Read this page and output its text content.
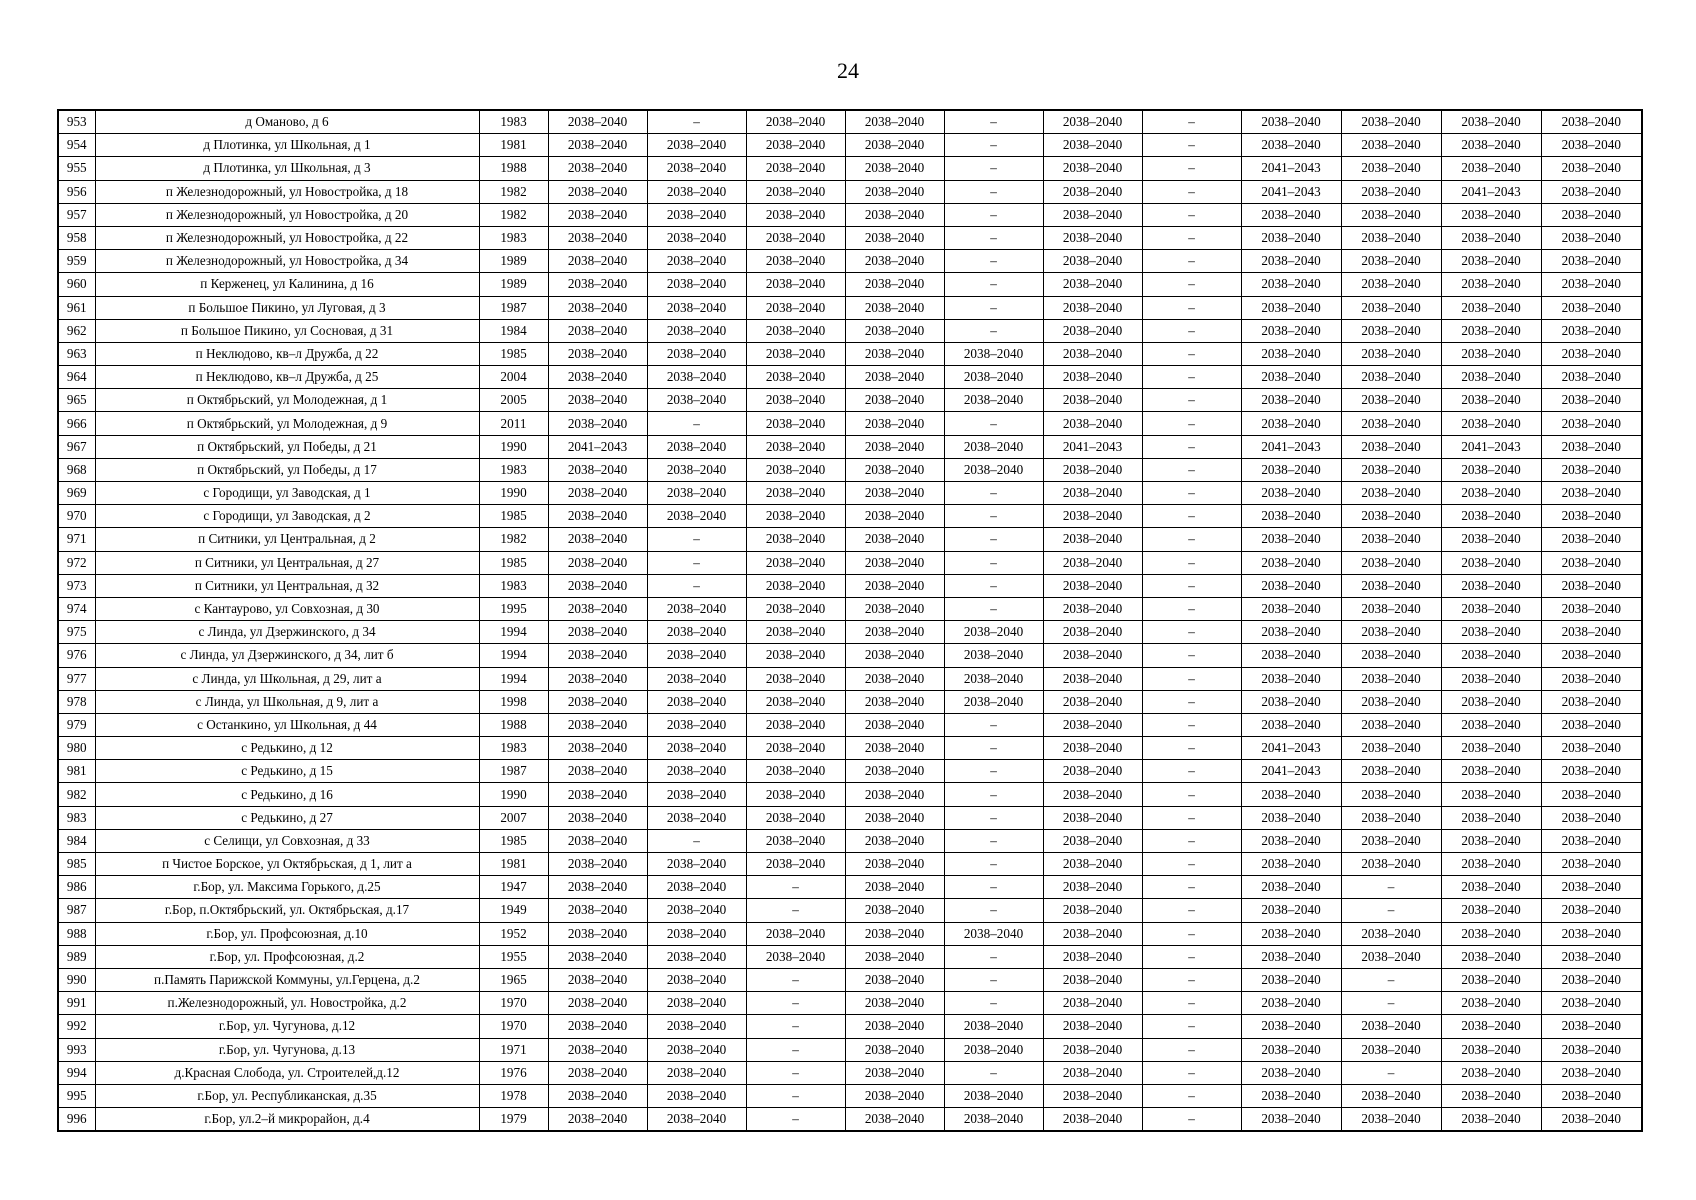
24
953	д Оманово, д 6	1983	2038–2040	–	2038–2040	2038–2040	–	2038–2040	–	2038–2040	2038–2040	2038–2040	2038–2040
954	д Плотинка, ул Школьная, д 1	1981	2038–2040	2038–2040	2038–2040	2038–2040	–	2038–2040	–	2038–2040	2038–2040	2038–2040	2038–2040
955	д Плотинка, ул Школьная, д 3	1988	2038–2040	2038–2040	2038–2040	2038–2040	–	2038–2040	–	2041–2043	2038–2040	2038–2040	2038–2040
956	п Железнодорожный, ул Новостройка, д 18	1982	2038–2040	2038–2040	2038–2040	2038–2040	–	2038–2040	–	2041–2043	2038–2040	2041–2043	2038–2040
957	п Железнодорожный, ул Новостройка, д 20	1982	2038–2040	2038–2040	2038–2040	2038–2040	–	2038–2040	–	2038–2040	2038–2040	2038–2040	2038–2040
958	п Железнодорожный, ул Новостройка, д 22	1983	2038–2040	2038–2040	2038–2040	2038–2040	–	2038–2040	–	2038–2040	2038–2040	2038–2040	2038–2040
959	п Железнодорожный, ул Новостройка, д 34	1989	2038–2040	2038–2040	2038–2040	2038–2040	–	2038–2040	–	2038–2040	2038–2040	2038–2040	2038–2040
960	п Керженец, ул Калинина, д 16	1989	2038–2040	2038–2040	2038–2040	2038–2040	–	2038–2040	–	2038–2040	2038–2040	2038–2040	2038–2040
961	п Большое Пикино, ул Луговая, д 3	1987	2038–2040	2038–2040	2038–2040	2038–2040	–	2038–2040	–	2038–2040	2038–2040	2038–2040	2038–2040
962	п Большое Пикино, ул Сосновая, д 31	1984	2038–2040	2038–2040	2038–2040	2038–2040	–	2038–2040	–	2038–2040	2038–2040	2038–2040	2038–2040
963	п Неклюдово, кв–л Дружба, д 22	1985	2038–2040	2038–2040	2038–2040	2038–2040	2038–2040	2038–2040	–	2038–2040	2038–2040	2038–2040	2038–2040
964	п Неклюдово, кв–л Дружба, д 25	2004	2038–2040	2038–2040	2038–2040	2038–2040	2038–2040	2038–2040	–	2038–2040	2038–2040	2038–2040	2038–2040
965	п Октябрьский, ул Молодежная, д 1	2005	2038–2040	2038–2040	2038–2040	2038–2040	2038–2040	2038–2040	–	2038–2040	2038–2040	2038–2040	2038–2040
966	п Октябрьский, ул Молодежная, д 9	2011	2038–2040	–	2038–2040	2038–2040	–	2038–2040	–	2038–2040	2038–2040	2038–2040	2038–2040
967	п Октябрьский, ул Победы, д 21	1990	2041–2043	2038–2040	2038–2040	2038–2040	2038–2040	2041–2043	–	2041–2043	2038–2040	2041–2043	2038–2040
968	п Октябрьский, ул Победы, д 17	1983	2038–2040	2038–2040	2038–2040	2038–2040	2038–2040	2038–2040	–	2038–2040	2038–2040	2038–2040	2038–2040
969	с Городищи, ул Заводская, д 1	1990	2038–2040	2038–2040	2038–2040	2038–2040	–	2038–2040	–	2038–2040	2038–2040	2038–2040	2038–2040
970	с Городищи, ул Заводская, д 2	1985	2038–2040	2038–2040	2038–2040	2038–2040	–	2038–2040	–	2038–2040	2038–2040	2038–2040	2038–2040
971	п Ситники, ул Центральная, д 2	1982	2038–2040	–	2038–2040	2038–2040	–	2038–2040	–	2038–2040	2038–2040	2038–2040	2038–2040
972	п Ситники, ул Центральная, д 27	1985	2038–2040	–	2038–2040	2038–2040	–	2038–2040	–	2038–2040	2038–2040	2038–2040	2038–2040
973	п Ситники, ул Центральная, д 32	1983	2038–2040	–	2038–2040	2038–2040	–	2038–2040	–	2038–2040	2038–2040	2038–2040	2038–2040
974	с Кантаурово, ул Совхозная, д 30	1995	2038–2040	2038–2040	2038–2040	2038–2040	–	2038–2040	–	2038–2040	2038–2040	2038–2040	2038–2040
975	с Линда, ул Дзержинского, д 34	1994	2038–2040	2038–2040	2038–2040	2038–2040	2038–2040	2038–2040	–	2038–2040	2038–2040	2038–2040	2038–2040
976	с Линда, ул Дзержинского, д 34, лит б	1994	2038–2040	2038–2040	2038–2040	2038–2040	2038–2040	2038–2040	–	2038–2040	2038–2040	2038–2040	2038–2040
977	с Линда, ул Школьная, д 29, лит а	1994	2038–2040	2038–2040	2038–2040	2038–2040	2038–2040	2038–2040	–	2038–2040	2038–2040	2038–2040	2038–2040
978	с Линда, ул Школьная, д 9, лит а	1998	2038–2040	2038–2040	2038–2040	2038–2040	2038–2040	2038–2040	–	2038–2040	2038–2040	2038–2040	2038–2040
979	с Останкино, ул Школьная, д 44	1988	2038–2040	2038–2040	2038–2040	2038–2040	–	2038–2040	–	2038–2040	2038–2040	2038–2040	2038–2040
980	с Редькино, д 12	1983	2038–2040	2038–2040	2038–2040	2038–2040	–	2038–2040	–	2041–2043	2038–2040	2038–2040	2038–2040
981	с Редькино, д 15	1987	2038–2040	2038–2040	2038–2040	2038–2040	–	2038–2040	–	2041–2043	2038–2040	2038–2040	2038–2040
982	с Редькино, д 16	1990	2038–2040	2038–2040	2038–2040	2038–2040	–	2038–2040	–	2038–2040	2038–2040	2038–2040	2038–2040
983	с Редькино, д 27	2007	2038–2040	2038–2040	2038–2040	2038–2040	–	2038–2040	–	2038–2040	2038–2040	2038–2040	2038–2040
984	с Селищи, ул Совхозная, д 33	1985	2038–2040	–	2038–2040	2038–2040	–	2038–2040	–	2038–2040	2038–2040	2038–2040	2038–2040
985	п Чистое Борское, ул Октябрьская, д 1, лит а	1981	2038–2040	2038–2040	2038–2040	2038–2040	–	2038–2040	–	2038–2040	2038–2040	2038–2040	2038–2040
986	г.Бор, ул. Максима Горького, д.25	1947	2038–2040	2038–2040	–	2038–2040	–	2038–2040	–	2038–2040	–	2038–2040	2038–2040
987	г.Бор, п.Октябрьский, ул. Октябрьская, д.17	1949	2038–2040	2038–2040	–	2038–2040	–	2038–2040	–	2038–2040	–	2038–2040	2038–2040
988	г.Бор, ул. Профсоюзная, д.10	1952	2038–2040	2038–2040	2038–2040	2038–2040	2038–2040	2038–2040	–	2038–2040	2038–2040	2038–2040	2038–2040
989	г.Бор, ул. Профсоюзная, д.2	1955	2038–2040	2038–2040	2038–2040	2038–2040	–	2038–2040	–	2038–2040	2038–2040	2038–2040	2038–2040
990	п.Память Парижской Коммуны, ул.Герцена, д.2	1965	2038–2040	2038–2040	–	2038–2040	–	2038–2040	–	2038–2040	–	2038–2040	2038–2040
991	п.Железнодорожный, ул. Новостройка, д.2	1970	2038–2040	2038–2040	–	2038–2040	–	2038–2040	–	2038–2040	–	2038–2040	2038–2040
992	г.Бор, ул. Чугунова, д.12	1970	2038–2040	2038–2040	–	2038–2040	2038–2040	2038–2040	–	2038–2040	2038–2040	2038–2040	2038–2040
993	г.Бор, ул. Чугунова, д.13	1971	2038–2040	2038–2040	–	2038–2040	2038–2040	2038–2040	–	2038–2040	2038–2040	2038–2040	2038–2040
994	д.Красная Слобода, ул. Строителей,д.12	1976	2038–2040	2038–2040	–	2038–2040	–	2038–2040	–	2038–2040	–	2038–2040	2038–2040
995	г.Бор, ул. Республиканская, д.35	1978	2038–2040	2038–2040	–	2038–2040	2038–2040	2038–2040	–	2038–2040	2038–2040	2038–2040	2038–2040
996	г.Бор, ул.2–й микрорайон, д.4	1979	2038–2040	2038–2040	–	2038–2040	2038–2040	2038–2040	–	2038–2040	2038–2040	2038–2040	2038–2040
